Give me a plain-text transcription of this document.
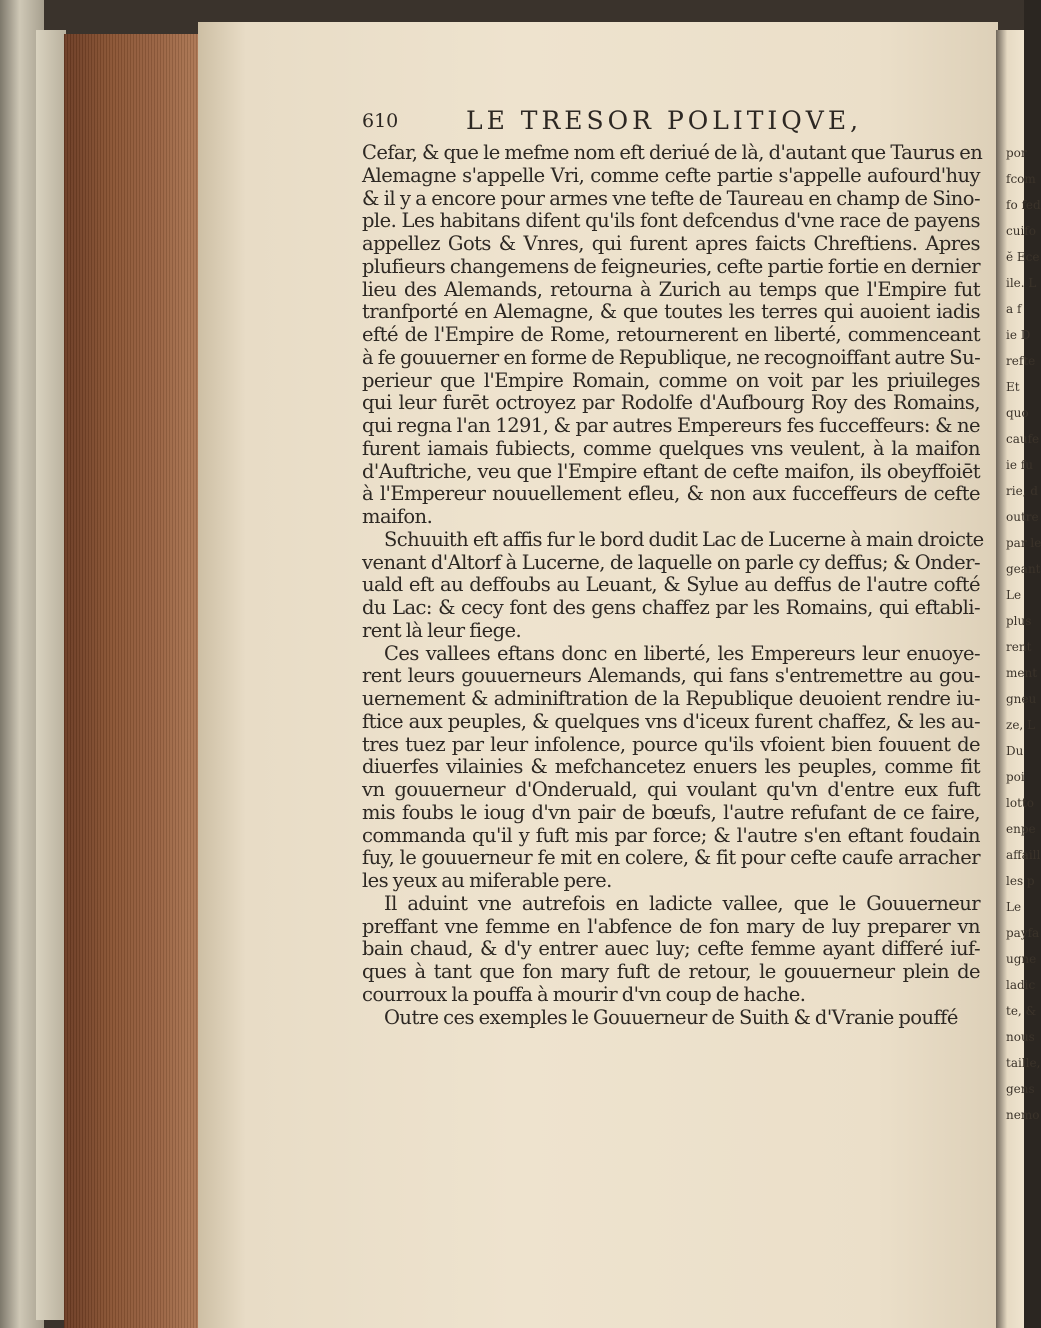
por
fcom
fo fed
cuifo
ĕ Ece
ile. L
a f
ie D
refte
Et
quo
caufe
ie fu
rie, d
outre
par le
geant
Le
plus
rent
ment
gneu
ze, L
Du
poi
lotto
enpe
affaill
les p
Le
payfa
ugne
ladic
te, &
nous
taille,
gens
nemo
610	LE TRESOR POLITIQVE,
Cefar, & que le mefme nom eft deriué de là, d'autant que Taurus en
Alemagne s'appelle Vri, comme cefte partie s'appelle aufourd'huy
& il y a encore pour armes vne tefte de Taureau en champ de Sino-
ple. Les habitans difent qu'ils font defcendus d'vne race de payens
appellez Gots & Vnres, qui furent apres faicts Chreftiens. Apres
plufieurs changemens de feigneuries, cefte partie fortie en dernier
lieu des Alemands, retourna à Zurich au temps que l'Empire fut
tranfporté en Alemagne, & que toutes les terres qui auoient iadis
efté de l'Empire de Rome, retournerent en liberté, commenceant
à fe gouuerner en forme de Republique, ne recognoiffant autre Su-
perieur que l'Empire Romain, comme on voit par les priuileges
qui leur furēt octroyez par Rodolfe d'Aufbourg Roy des Romains,
qui regna l'an 1291, & par autres Empereurs fes fucceffeurs: & ne
furent iamais fubiects, comme quelques vns veulent, à la maifon
d'Auftriche, veu que l'Empire eftant de cefte maifon, ils obeyffoiēt
à l'Empereur nouuellement efleu, & non aux fucceffeurs de cefte
maifon.
Schuuith eft affis fur le bord dudit Lac de Lucerne à main droicte
venant d'Altorf à Lucerne, de laquelle on parle cy deffus; & Onder-
uald eft au deffoubs au Leuant, & Sylue au deffus de l'autre cofté
du Lac: & cecy font des gens chaffez par les Romains, qui eftabli-
rent là leur fiege.
Ces vallees eftans donc en liberté, les Empereurs leur enuoye-
rent leurs gouuerneurs Alemands, qui fans s'entremettre au gou-
uernement & adminiftration de la Republique deuoient rendre iu-
ftice aux peuples, & quelques vns d'iceux furent chaffez, & les au-
tres tuez par leur infolence, pource qu'ils vfoient bien fouuent de
diuerfes vilainies & mefchancetez enuers les peuples, comme fit
vn gouuerneur d'Onderuald, qui voulant qu'vn d'entre eux fuft
mis foubs le ioug d'vn pair de bœufs, l'autre refufant de ce faire,
commanda qu'il y fuft mis par force; & l'autre s'en eftant foudain
fuy, le gouuerneur fe mit en colere, & fit pour cefte caufe arracher
les yeux au miferable pere.
Il aduint vne autrefois en ladicte vallee, que le Gouuerneur
preffant vne femme en l'abfence de fon mary de luy preparer vn
bain chaud, & d'y entrer auec luy; cefte femme ayant differé iuf-
ques à tant que fon mary fuft de retour, le gouuerneur plein de
courroux la pouffa à mourir d'vn coup de hache.
Outre ces exemples le Gouuerneur de Suith & d'Vranie pouffé
